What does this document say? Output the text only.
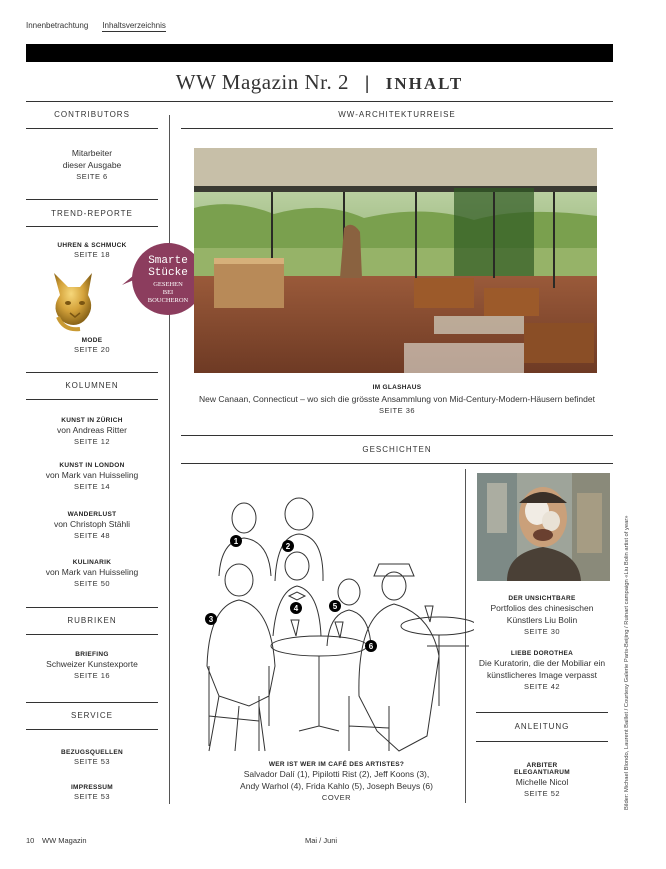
Innenbetrachtung Inhaltsverzeichnis
WW Magazin Nr. 2 | INHALT
CONTRIBUTORS
Mitarbeiter
dieser Ausgabe
SEITE 6
TREND-REPORTE
UHREN & SCHMUCK
SEITE 18
MODE
SEITE 20
KOLUMNEN
KUNST IN ZÜRICH
von Andreas Ritter
SEITE 12
KUNST IN LONDON
von Mark van Huisseling
SEITE 14
WANDERLUST
von Christoph Stähli
SEITE 48
KULINARIK
von Mark van Huisseling
SEITE 50
RUBRIKEN
BRIEFING
Schweizer Kunstexporte
SEITE 16
SERVICE
BEZUGSQUELLEN
SEITE 53
IMPRESSUM
SEITE 53
Smarte
Stücke
GESEHEN
BEI
BOUCHERON
WW-ARCHITEKTURREISE
IM GLASHAUS
New Canaan, Connecticut – wo sich die grösste Ansammlung von Mid-Century-Modern-Häusern befindet
SEITE 36
GESCHICHTEN
1
2
3
4	5
6
WER IST WER IM CAFÉ DES ARTISTES?
Salvador Dalí (1), Pipilotti Rist (2), Jeff Koons (3),
Andy Warhol (4), Frida Kahlo (5), Joseph Beuys (6)
COVER
DER UNSICHTBARE
Portfolios des chinesischen
Künstlers Liu Bolin
SEITE 30
LIEBE DOROTHEA
Die Kuratorin, die der Mobiliar ein
künstlicheres Image verpasst
SEITE 42
ANLEITUNG
ARBITER
ELEGANTIARUM
Michelle Nicol
SEITE 52	Bilder: Michael Blondo, Laurent Baillet / Courtesy Galerie Paris-Beijing / Ruinart campaign «Liu Bolin artist of year»
10 WW Magazin	Mai / Juni
